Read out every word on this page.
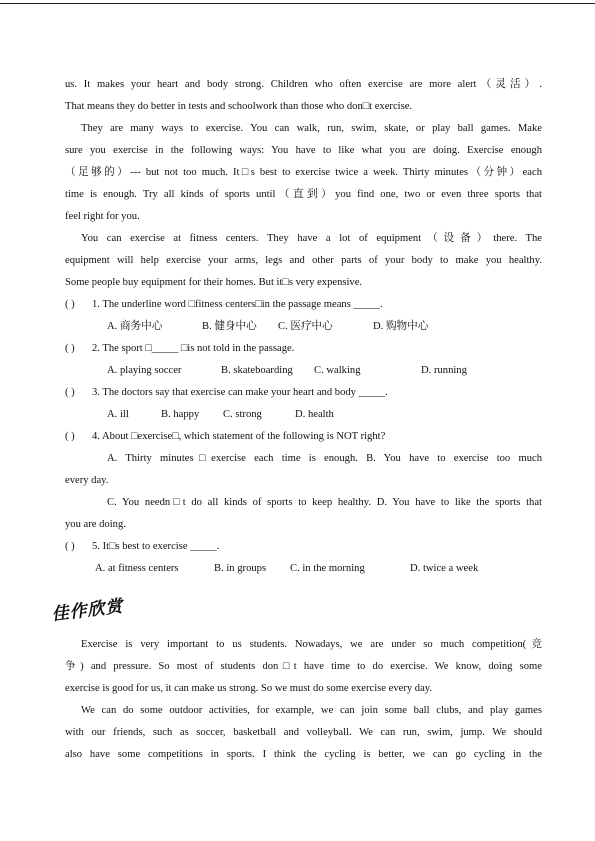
us. It makes your heart and body strong. Children who often exercise are more alert（灵活）.
That means they do better in tests and schoolwork than those who don□t exercise.
They are many ways to exercise. You can walk, run, swim, skate, or play ball games. Make
sure you exercise in the following ways: You have to like what you are doing. Exercise enough
（足够的）--- but not too much. It□s best to exercise twice a week. Thirty minutes（分钟）each
time is enough. Try all kinds of sports until（直到）you find one, two or even three sports that
feel right for you.
You can exercise at fitness centers. They have a lot of equipment（设备）there. The
equipment will help exercise your arms, legs and other parts of your body to make you healthy.
Some people buy equipment for their homes. But it□s very expensive.
( ) 1. The underline word □fitness centers□in the passage means _____.
A. 商务中心	B. 健身中心 C. 医疗中心	D. 购物中心
( ) 2. The sport □_____ □is not told in the passage.
A. playing soccer	B. skateboarding C. walking	D. running
( ) 3. The doctors say that exercise can make your heart and body _____.
A. ill	B. happy C. strong	D. health
( ) 4. About □exercise□, which statement of the following is NOT right?
A. Thirty minutes□exercise each time is enough. B. You have to exercise too much
every day.
C. You needn□t do all kinds of sports to keep healthy. D. You have to like the sports that
you are doing.
( ) 5. It□s best to exercise _____.
A. at fitness centers	B. in groups C. in the morning	D. twice a week
佳作欣赏
Exercise is very important to us students. Nowadays, we are under so much competition(竞
争) and pressure. So most of students don□t have time to do exercise. We know, doing some
exercise is good for us, it can make us strong. So we must do some exercise every day.
We can do some outdoor activities, for example, we can join some ball clubs, and play games
with our friends, such as soccer, basketball and volleyball. We can run, swim, jump. We should
also have some competitions in sports. I think the cycling is better, we can go cycling in the
